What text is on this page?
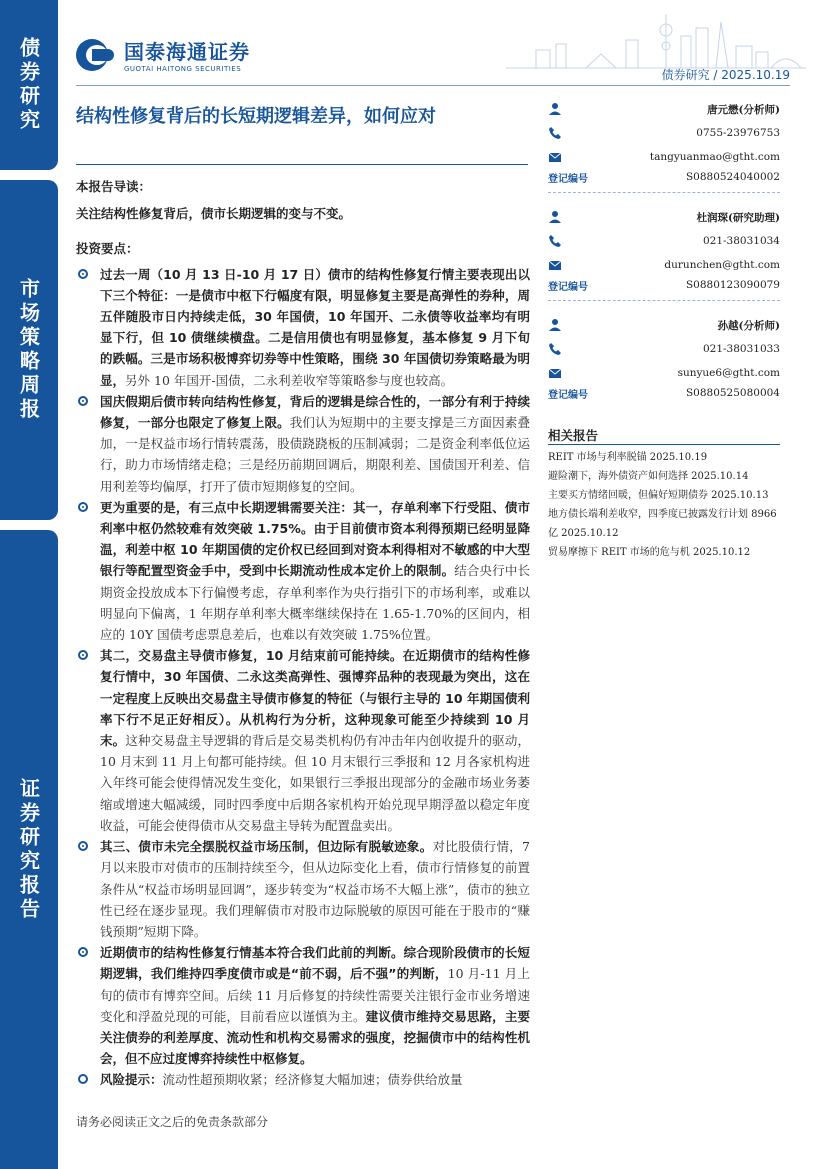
债券研究
市场策略周报
证券研究报告
国泰海通证券
GUOTAI HAITONG SECURITIES	债券研究 / 2025.10.19
结构性修复背后的长短期逻辑差异，如何应对
本报告导读：
关注结构性修复背后，债市长期逻辑的变与不变。
投资要点：
过去一周（10 月 13 日-10 月 17 日）债市的结构性修复行情主要表现出以下三个特征：一是债市中枢下行幅度有限，明显修复主要是高弹性的券种，周五伴随股市日内持续走低，30 年国债，10 年国开、二永债等收益率均有明显下行，但 10 债继续横盘。二是信用债也有明显修复，基本修复 9 月下旬的跌幅。三是市场积极博弈切券等中性策略，围绕 30 年国债切券策略最为明显，另外 10 年国开-国债，二永利差收窄等策略参与度也较高。
国庆假期后债市转向结构性修复，背后的逻辑是综合性的，一部分有利于持续修复，一部分也限定了修复上限。我们认为短期中的主要支撑是三方面因素叠加，一是权益市场行情转震荡，股债跷跷板的压制减弱；二是资金利率低位运行，助力市场情绪走稳；三是经历前期回调后，期限利差、国债国开利差、信用利差等均偏厚，打开了债市短期修复的空间。
更为重要的是，有三点中长期逻辑需要关注：其一，存单利率下行受阻、债市利率中枢仍然较难有效突破 1.75%。由于目前债市资本利得预期已经明显降温，利差中枢 10 年期国债的定价权已经回到对资本利得相对不敏感的中大型银行等配置型资金手中，受到中长期流动性成本定价上的限制。结合央行中长期资金投放成本下行偏慢考虑，存单利率作为央行指引下的市场利率，或难以明显向下偏离，1 年期存单利率大概率继续保持在 1.65-1.70%的区间内，相应的 10Y 国债考虑票息差后，也难以有效突破 1.75%位置。
其二，交易盘主导债市修复，10 月结束前可能持续。在近期债市的结构性修复行情中，30 年国债、二永这类高弹性、强博弈品种的表现最为突出，这在一定程度上反映出交易盘主导债市修复的特征（与银行主导的 10 年期国债利率下行不足正好相反）。从机构行为分析，这种现象可能至少持续到 10 月末。这种交易盘主导逻辑的背后是交易类机构仍有冲击年内创收提升的驱动，10 月末到 11 月上旬都可能持续。但 10 月末银行三季报和 12 月各家机构进入年终可能会使得情况发生变化，如果银行三季报出现部分的金融市场业务萎缩或增速大幅减缓，同时四季度中后期各家机构开始兑现早期浮盈以稳定年度收益，可能会使得债市从交易盘主导转为配置盘卖出。
其三、债市未完全摆脱权益市场压制，但边际有脱敏迹象。对比股债行情，7 月以来股市对债市的压制持续至今，但从边际变化上看，债市行情修复的前置条件从“权益市场明显回调”，逐步转变为“权益市场不大幅上涨”，债市的独立性已经在逐步显现。我们理解债市对股市边际脱敏的原因可能在于股市的“赚钱预期”短期下降。
近期债市的结构性修复行情基本符合我们此前的判断。综合现阶段债市的长短期逻辑，我们维持四季度债市或是“前不弱，后不强”的判断，10 月-11 月上旬的债市有博弈空间。后续 11 月后修复的持续性需要关注银行金市业务增速变化和浮盈兑现的可能，目前看应以谨慎为主。建议债市维持交易思路，主要关注债券的利差厚度、流动性和机构交易需求的强度，挖掘债市中的结构性机会，但不应过度博弈持续性中枢修复。
风险提示：流动性超预期收紧；经济修复大幅加速；债券供给放量
请务必阅读正文之后的免责条款部分
唐元懋(分析师)
0755-23976753
tangyuanmao@gtht.com
登记编号	S0880524040002
杜润琛(研究助理)
021-38031034
durunchen@gtht.com
登记编号	S0880123090079
孙越(分析师)
021-38031033
sunyue6@gtht.com
登记编号	S0880525080004
相关报告
REIT 市场与利率脱锚 2025.10.19
避险潮下，海外债资产如何选择 2025.10.14
主要买方情绪回暖，但偏好短期债券 2025.10.13
地方债长端利差收窄，四季度已披露发行计划 8966 亿 2025.10.12
贸易摩擦下 REIT 市场的危与机 2025.10.12
